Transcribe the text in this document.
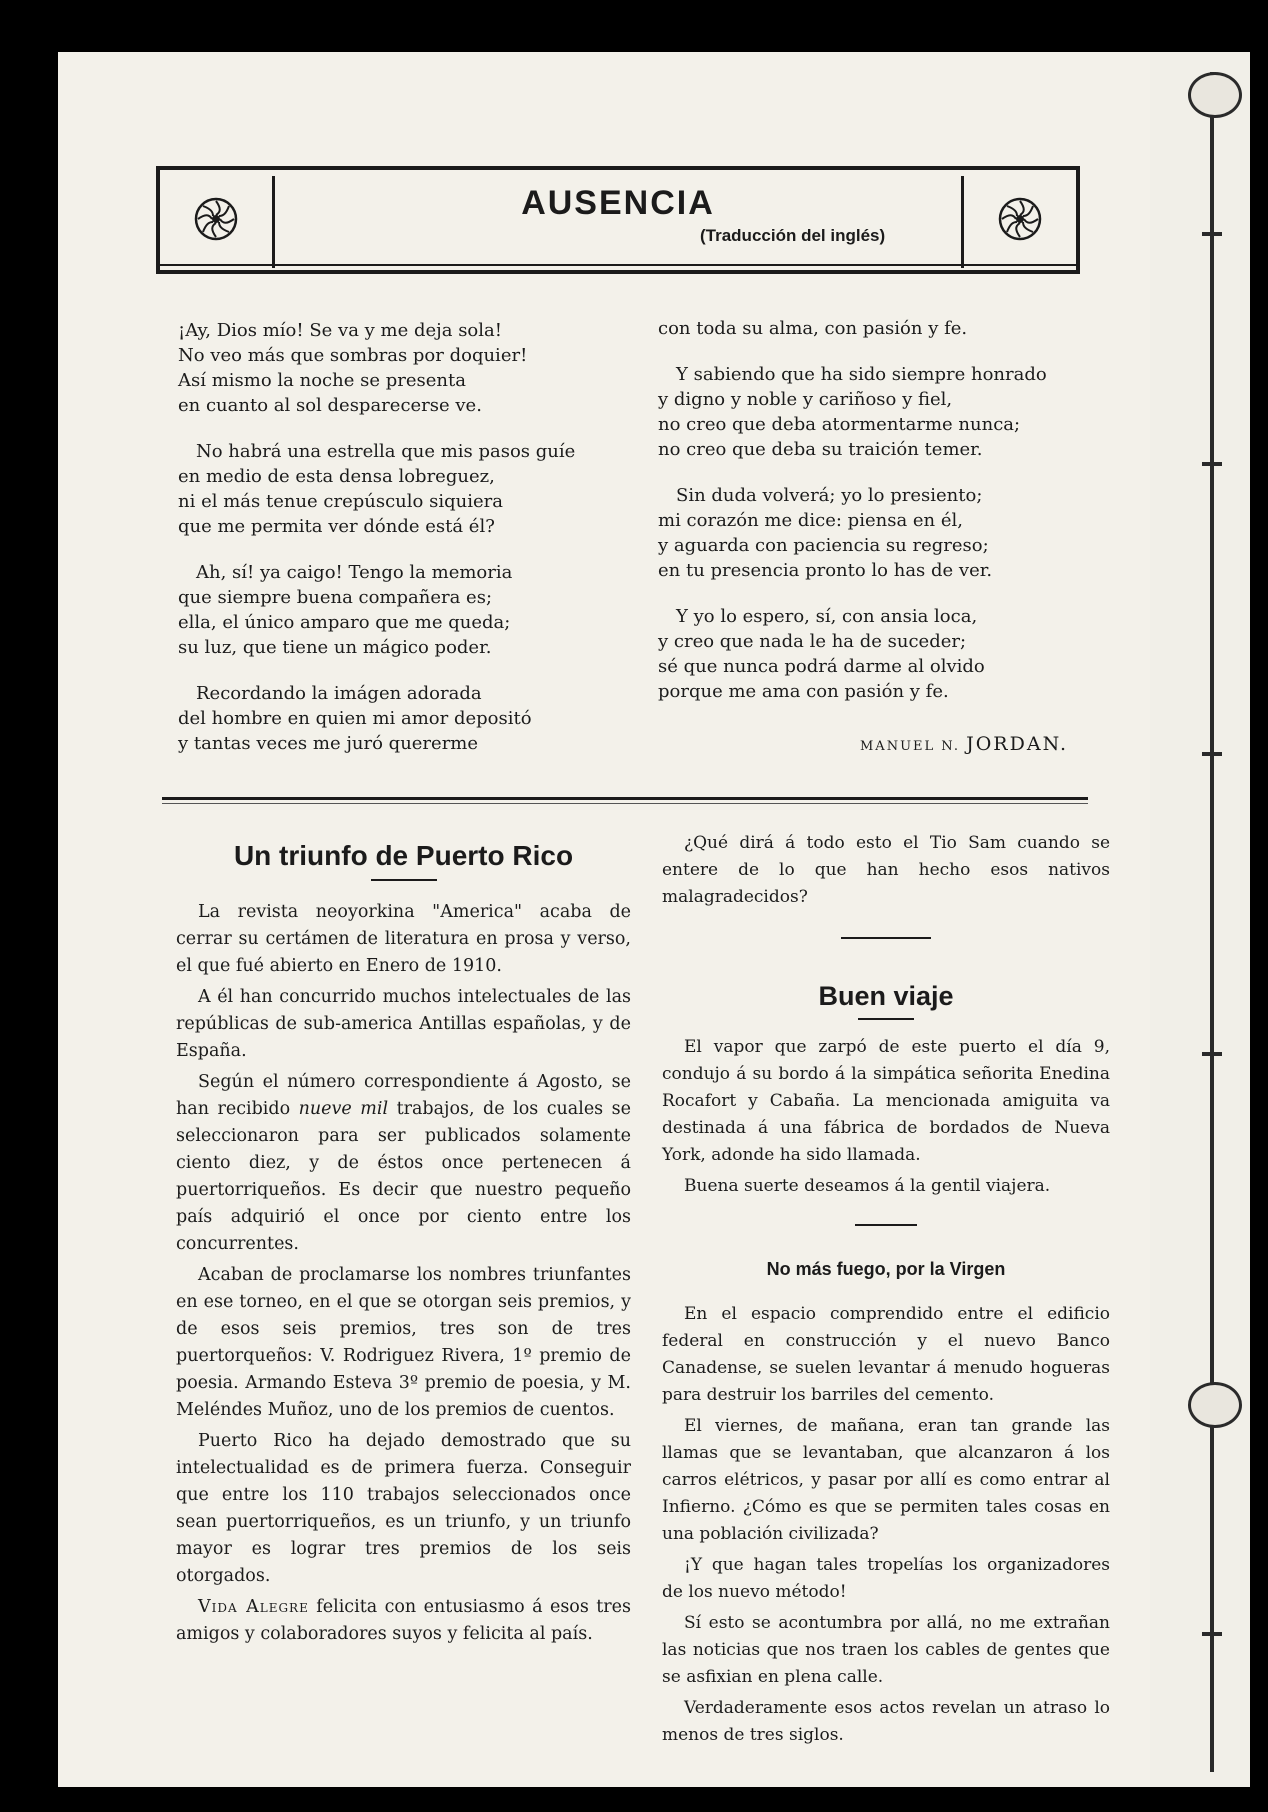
AUSENCIA
(Traducción del inglés)
¡Ay, Dios mío! Se va y me deja sola!
No veo más que sombras por doquier!
Así mismo la noche se presenta
en cuanto al sol desparecerse ve.
No habrá una estrella que mis pasos guíe
en medio de esta densa lobreguez,
ni el más tenue crepúsculo siquiera
que me permita ver dónde está él?
Ah, sí! ya caigo! Tengo la memoria
que siempre buena compañera es;
ella, el único amparo que me queda;
su luz, que tiene un mágico poder.
Recordando la imágen adorada
del hombre en quien mi amor depositó
y tantas veces me juró quererme
con toda su alma, con pasión y fe.
Y sabiendo que ha sido siempre honrado
y digno y noble y cariñoso y fiel,
no creo que deba atormentarme nunca;
no creo que deba su traición temer.
Sin duda volverá; yo lo presiento;
mi corazón me dice: piensa en él,
y aguarda con paciencia su regreso;
en tu presencia pronto lo has de ver.
Y yo lo espero, sí, con ansia loca,
y creo que nada le ha de suceder;
sé que nunca podrá darme al olvido
porque me ama con pasión y fe.
MANUEL N. JORDAN.
Un triunfo de Puerto Rico

La revista neoyorkina "America" acaba de cerrar su certámen de literatura en prosa y verso, el que fué abierto en Enero de 1910.

A él han concurrido muchos intelectuales de las repúblicas de sub-america Antillas españolas, y de España.

Según el número correspondiente á Agosto, se han recibido nueve mil trabajos, de los cuales se seleccionaron para ser publicados solamente ciento diez, y de éstos once pertenecen á puertorriqueños. Es decir que nuestro pequeño país adquirió el once por ciento entre los concurrentes.

Acaban de proclamarse los nombres triunfantes en ese torneo, en el que se otorgan seis premios, y de esos seis premios, tres son de tres puertorqueños: V. Rodriguez Rivera, 1º premio de poesia. Armando Esteva 3º premio de poesia, y M. Meléndes Muñoz, uno de los premios de cuentos.

Puerto Rico ha dejado demostrado que su intelectualidad es de primera fuerza. Conseguir que entre los 110 trabajos seleccionados once sean puertorriqueños, es un triunfo, y un triunfo mayor es lograr tres premios de los seis otorgados.

Vida Alegre felicita con entusiasmo á esos tres amigos y colaboradores suyos y felicita al país.

¿Qué dirá á todo esto el Tio Sam cuando se entere de lo que han hecho esos nativos malagradecidos?

Buen viaje

El vapor que zarpó de este puerto el día 9, condujo á su bordo á la simpática señorita Enedina Rocafort y Cabaña. La mencionada amiguita va destinada á una fábrica de bordados de Nueva York, adonde ha sido llamada.

Buena suerte deseamos á la gentil viajera.

No más fuego, por la Virgen

En el espacio comprendido entre el edificio federal en construcción y el nuevo Banco Canadense, se suelen levantar á menudo hogueras para destruir los barriles del cemento.

El viernes, de mañana, eran tan grande las llamas que se levantaban, que alcanzaron á los carros elétricos, y pasar por allí es como entrar al Infierno. ¿Cómo es que se permiten tales cosas en una población civilizada?

¡Y que hagan tales tropelías los organizadores de los nuevo método!

Sí esto se acontumbra por allá, no me extrañan las noticias que nos traen los cables de gentes que se asfixian en plena calle.

Verdaderamente esos actos revelan un atraso lo menos de tres siglos.
